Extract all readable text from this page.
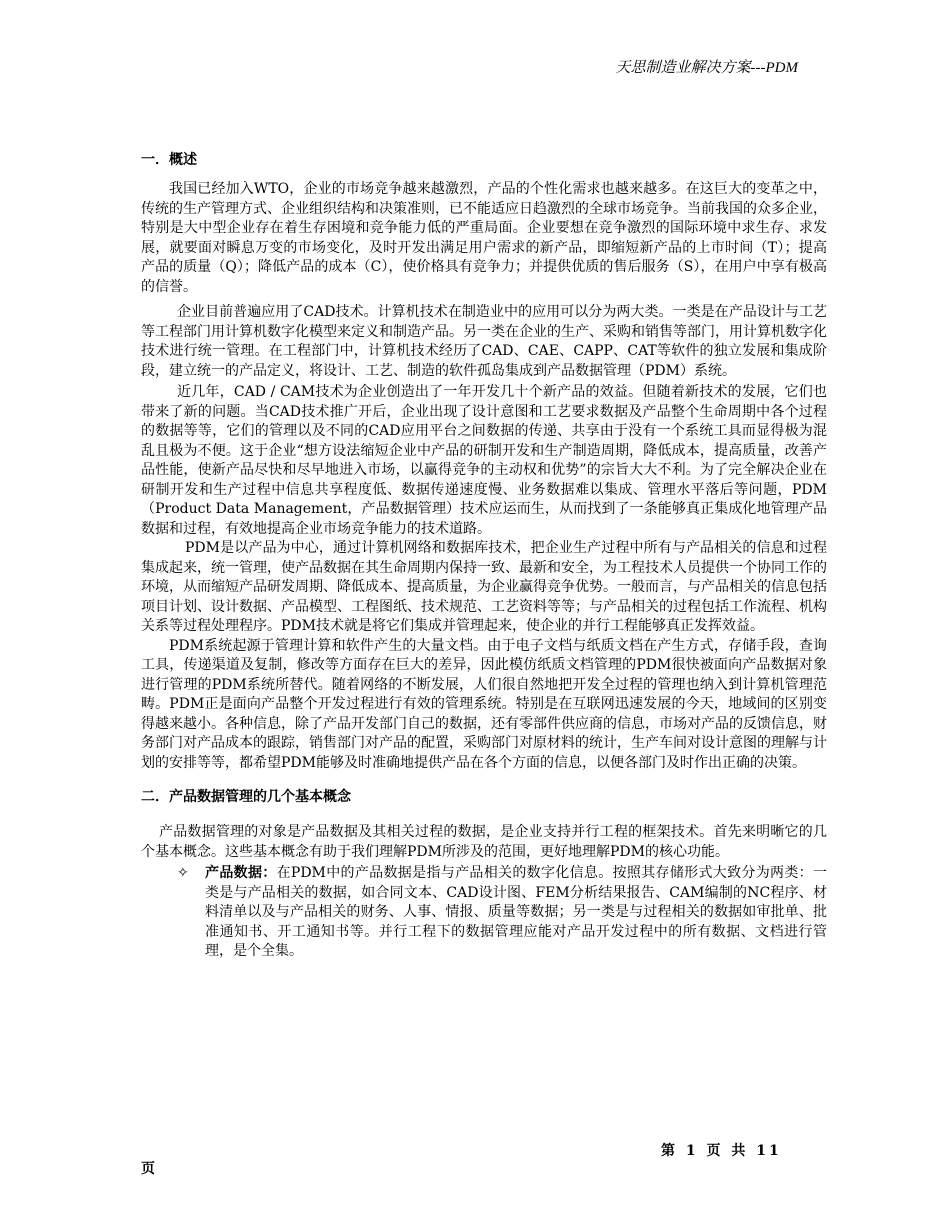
天思制造业解决方案---PDM
一．概述

我国已经加入WTO，企业的市场竞争越来越激烈，产品的个性化需求也越来越多。在这巨大的变革之中，传统的生产管理方式、企业组织结构和决策准则，已不能适应日趋激烈的全球市场竞争。当前我国的众多企业，特别是大中型企业存在着生存困境和竞争能力低的严重局面。企业要想在竞争激烈的国际环境中求生存、求发展，就要面对瞬息万变的市场变化，及时开发出满足用户需求的新产品，即缩短新产品的上市时间（T）；提高产品的质量（Q）；降低产品的成本（C），使价格具有竞争力；并提供优质的售后服务（S），在用户中享有极高的信誉。

企业目前普遍应用了CAD技术。计算机技术在制造业中的应用可以分为两大类。一类是在产品设计与工艺等工程部门用计算机数字化模型来定义和制造产品。另一类在企业的生产、采购和销售等部门，用计算机数字化技术进行统一管理。在工程部门中，计算机技术经历了CAD、CAE、CAPP、CAT等软件的独立发展和集成阶段，建立统一的产品定义，将设计、工艺、制造的软件孤岛集成到产品数据管理（PDM）系统。

近几年，CAD / CAM技术为企业创造出了一年开发几十个新产品的效益。但随着新技术的发展，它们也带来了新的问题。当CAD技术推广开后，企业出现了设计意图和工艺要求数据及产品整个生命周期中各个过程的数据等等，它们的管理以及不同的CAD应用平台之间数据的传递、共享由于没有一个系统工具而显得极为混乱且极为不便。这于企业“想方设法缩短企业中产品的研制开发和生产制造周期，降低成本，提高质量，改善产品性能，使新产品尽快和尽早地进入市场，以赢得竞争的主动权和优势”的宗旨大大不利。为了完全解决企业在研制开发和生产过程中信息共享程度低、数据传递速度慢、业务数据难以集成、管理水平落后等问题，PDM（Product Data Management，产品数据管理）技术应运而生，从而找到了一条能够真正集成化地管理产品数据和过程，有效地提高企业市场竞争能力的技术道路。

PDM是以产品为中心，通过计算机网络和数据库技术，把企业生产过程中所有与产品相关的信息和过程集成起来，统一管理，使产品数据在其生命周期内保持一致、最新和安全，为工程技术人员提供一个协同工作的环境，从而缩短产品研发周期、降低成本、提高质量，为企业赢得竞争优势。一般而言，与产品相关的信息包括项目计划、设计数据、产品模型、工程图纸、技术规范、工艺资料等等；与产品相关的过程包括工作流程、机构关系等过程处理程序。PDM技术就是将它们集成并管理起来，使企业的并行工程能够真正发挥效益。

PDM系统起源于管理计算和软件产生的大量文档。由于电子文档与纸质文档在产生方式，存储手段，查询工具，传递渠道及复制，修改等方面存在巨大的差异，因此模仿纸质文档管理的PDM很快被面向产品数据对象进行管理的PDM系统所替代。随着网络的不断发展，人们很自然地把开发全过程的管理也纳入到计算机管理范畴。PDM正是面向产品整个开发过程进行有效的管理系统。特别是在互联网迅速发展的今天，地域间的区别变得越来越小。各种信息，除了产品开发部门自己的数据，还有零部件供应商的信息，市场对产品的反馈信息，财务部门对产品成本的跟踪，销售部门对产品的配置，采购部门对原材料的统计，生产车间对设计意图的理解与计划的安排等等，都希望PDM能够及时准确地提供产品在各个方面的信息，以便各部门及时作出正确的决策。

二．产品数据管理的几个基本概念

产品数据管理的对象是产品数据及其相关过程的数据，是企业支持并行工程的框架技术。首先来明晰它的几个基本概念。这些基本概念有助于我们理解PDM所涉及的范围，更好地理解PDM的核心功能。

✧ 产品数据：在PDM中的产品数据是指与产品相关的数字化信息。按照其存储形式大致分为两类：一类是与产品相关的数据，如合同文本、CAD设计图、FEM分析结果报告、CAM编制的NC程序、材料清单以及与产品相关的财务、人事、情报、质量等数据；另一类是与过程相关的数据如审批单、批准通知书、开工通知书等。并行工程下的数据管理应能对产品开发过程中的所有数据、文档进行管理，是个全集。
第 1 页 共 11
页
